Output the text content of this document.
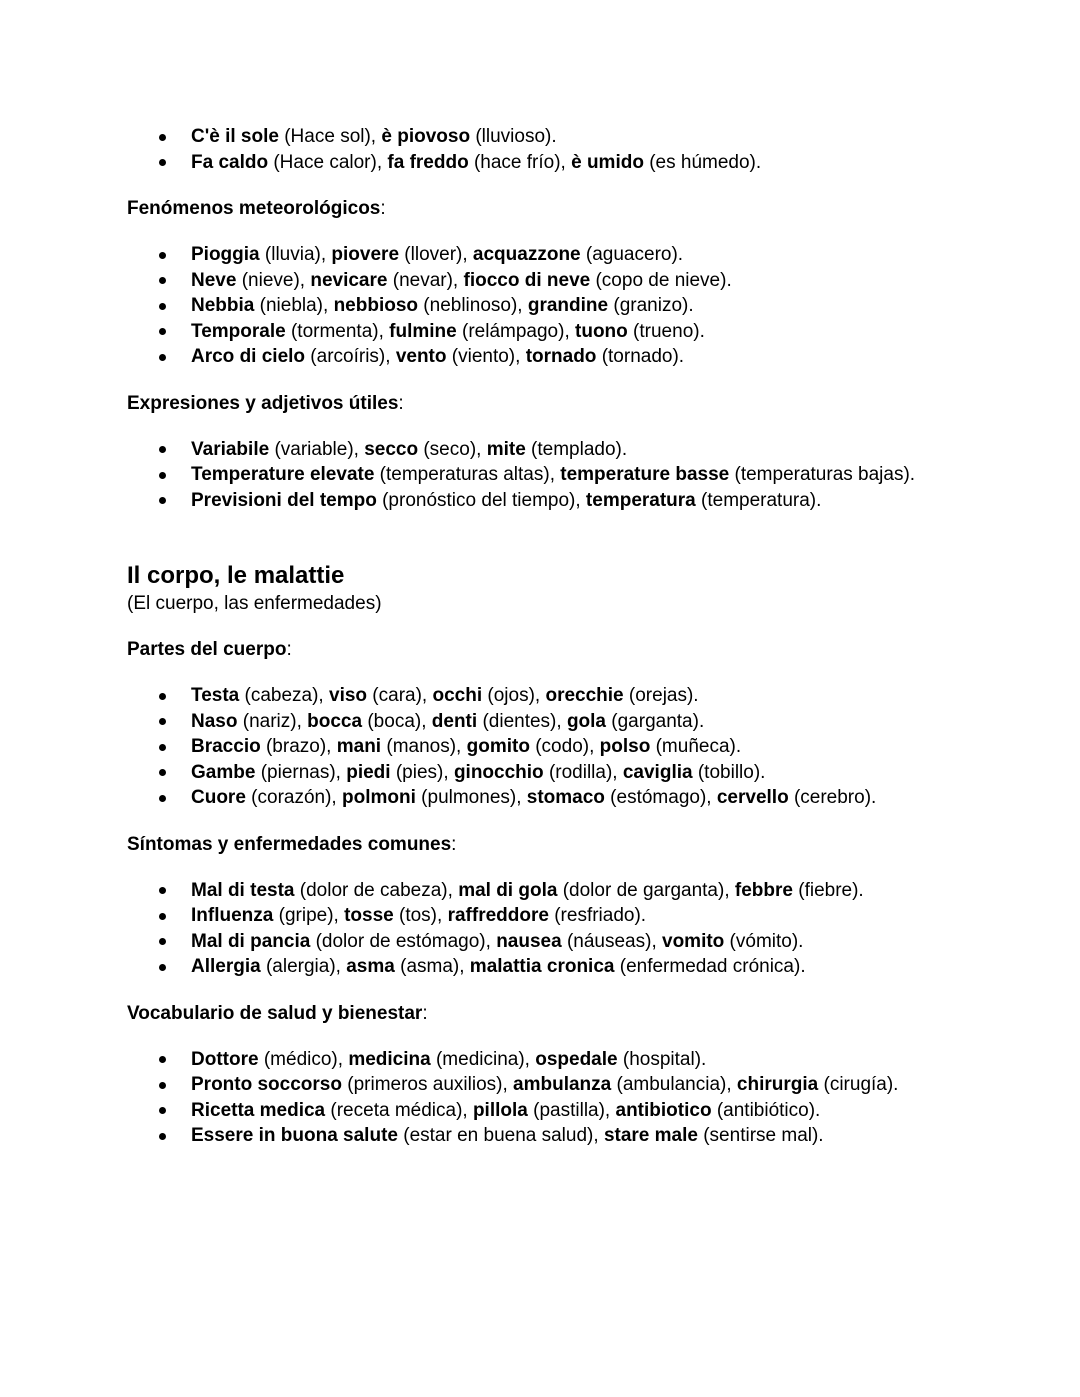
C'è il sole (Hace sol), è piovoso (lluvioso).
Fa caldo (Hace calor), fa freddo (hace frío), è umido (es húmedo).
Fenómenos meteorológicos:
Pioggia (lluvia), piovere (llover), acquazzone (aguacero).
Neve (nieve), nevicare (nevar), fiocco di neve (copo de nieve).
Nebbia (niebla), nebbioso (neblinoso), grandine (granizo).
Temporale (tormenta), fulmine (relámpago), tuono (trueno).
Arco di cielo (arcoíris), vento (viento), tornado (tornado).
Expresiones y adjetivos útiles:
Variabile (variable), secco (seco), mite (templado).
Temperature elevate (temperaturas altas), temperature basse (temperaturas bajas).
Previsioni del tempo (pronóstico del tiempo), temperatura (temperatura).
Il corpo, le malattie
(El cuerpo, las enfermedades)
Partes del cuerpo:
Testa (cabeza), viso (cara), occhi (ojos), orecchie (orejas).
Naso (nariz), bocca (boca), denti (dientes), gola (garganta).
Braccio (brazo), mani (manos), gomito (codo), polso (muñeca).
Gambe (piernas), piedi (pies), ginocchio (rodilla), caviglia (tobillo).
Cuore (corazón), polmoni (pulmones), stomaco (estómago), cervello (cerebro).
Síntomas y enfermedades comunes:
Mal di testa (dolor de cabeza), mal di gola (dolor de garganta), febbre (fiebre).
Influenza (gripe), tosse (tos), raffreddore (resfriado).
Mal di pancia (dolor de estómago), nausea (náuseas), vomito (vómito).
Allergia (alergia), asma (asma), malattia cronica (enfermedad crónica).
Vocabulario de salud y bienestar:
Dottore (médico), medicina (medicina), ospedale (hospital).
Pronto soccorso (primeros auxilios), ambulanza (ambulancia), chirurgia (cirugía).
Ricetta medica (receta médica), pillola (pastilla), antibiotico (antibiótico).
Essere in buona salute (estar en buena salud), stare male (sentirse mal).
